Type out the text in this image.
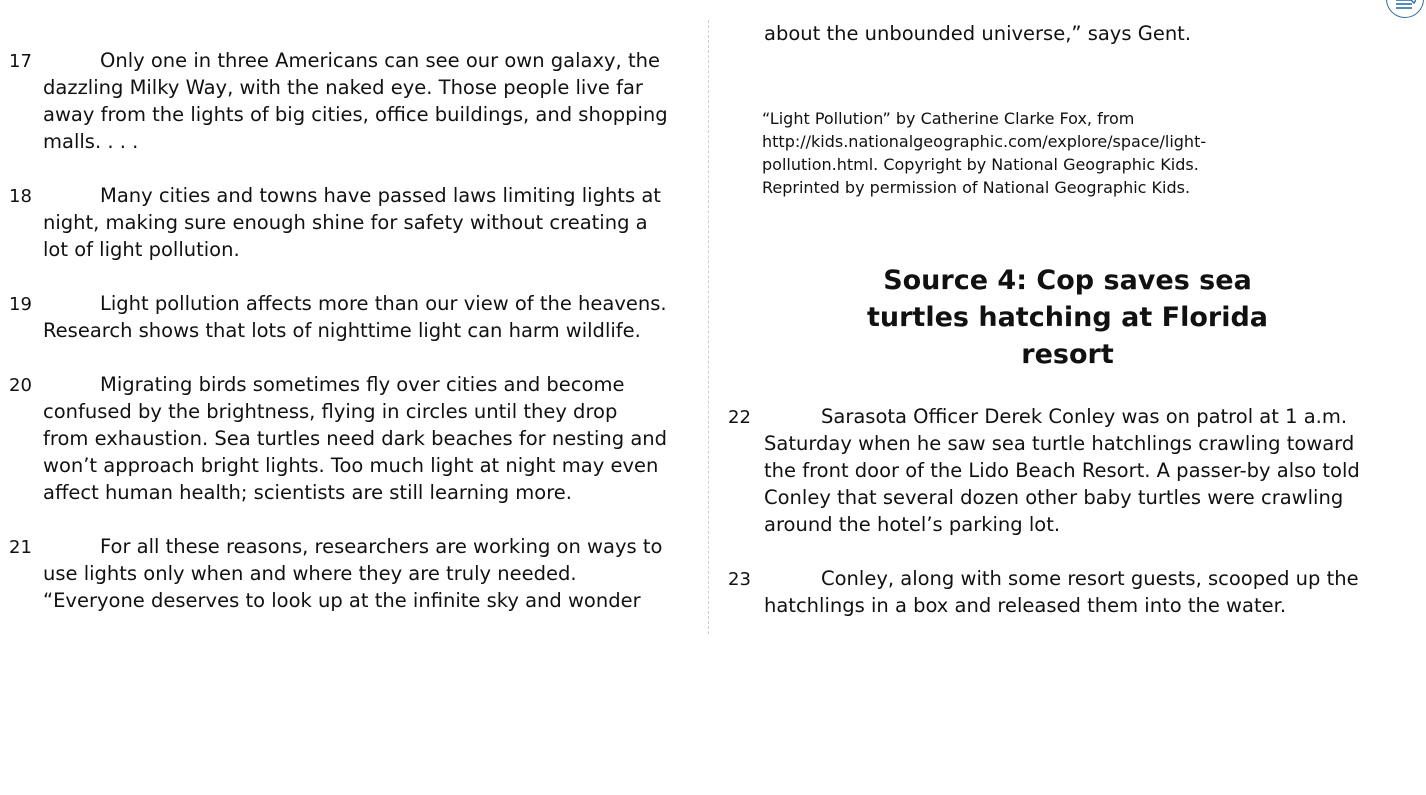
17	Only one in three Americans can see our own galaxy, the
dazzling Milky Way, with the naked eye. Those people live far
away from the lights of big cities, office buildings, and shopping
malls. . . .
18	Many cities and towns have passed laws limiting lights at
night, making sure enough shine for safety without creating a
lot of light pollution.
19	Light pollution affects more than our view of the heavens.
Research shows that lots of nighttime light can harm wildlife.
20	Migrating birds sometimes fly over cities and become
confused by the brightness, flying in circles until they drop
from exhaustion. Sea turtles need dark beaches for nesting and
won’t approach bright lights. Too much light at night may even
affect human health; scientists are still learning more.
21	For all these reasons, researchers are working on ways to
use lights only when and where they are truly needed.
“Everyone deserves to look up at the infinite sky and wonder
about the unbounded universe,” says Gent.
“Light Pollution” by Catherine Clarke Fox, from
http://kids.nationalgeographic.com/explore/space/light-
pollution.html. Copyright by National Geographic Kids.
Reprinted by permission of National Geographic Kids.
Source 4: Cop saves sea
turtles hatching at Florida
resort
22	Sarasota Officer Derek Conley was on patrol at 1 a.m.
Saturday when he saw sea turtle hatchlings crawling toward
the front door of the Lido Beach Resort. A passer-by also told
Conley that several dozen other baby turtles were crawling
around the hotel’s parking lot.
23	Conley, along with some resort guests, scooped up the
hatchlings in a box and released them into the water.
